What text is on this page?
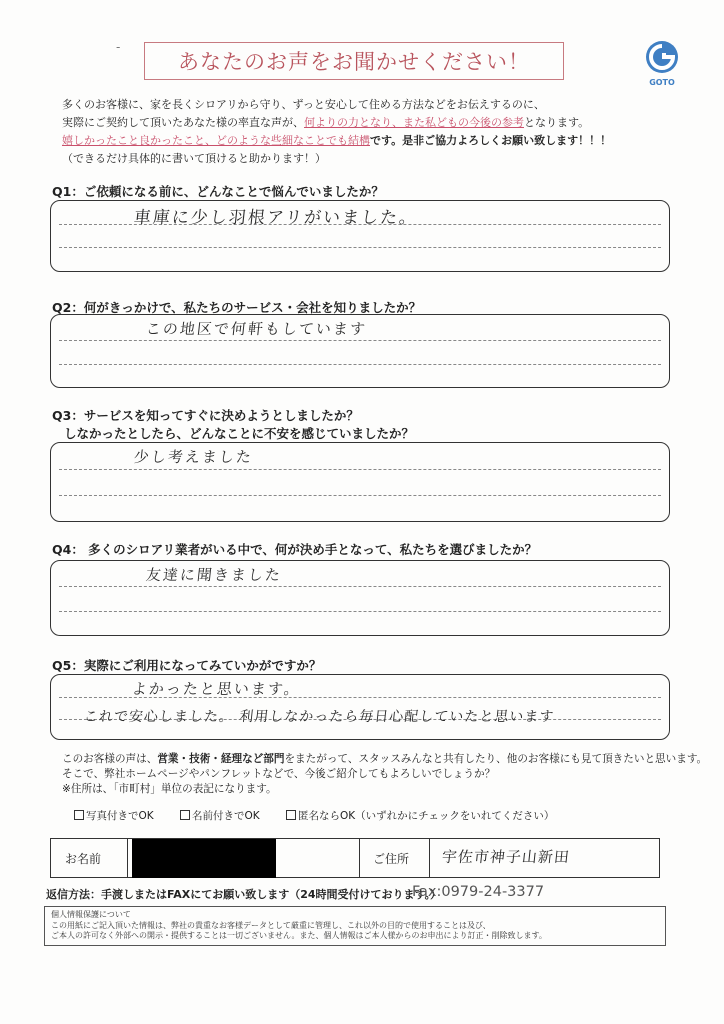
-
あなたのお声をお聞かせください！
GOTO
多くのお客様に、家を長くシロアリから守り、ずっと安心して住める方法などをお伝えするのに、
実際にご契約して頂いたあなた様の率直な声が、何よりの力となり、また私どもの今後の参考となります。
嬉しかったこと良かったこと、どのような些細なことでも結構です。是非ご協力よろしくお願い致します！！！
（できるだけ具体的に書いて頂けると助かります！）
Q1：ご依頼になる前に、どんなことで悩んでいましたか？
車庫に少し羽根アリがいました。
Q2：何がきっかけで、私たちのサービス・会社を知りましたか？
この地区で何軒もしています
Q3：サービスを知ってすぐに決めようとしましたか？
しなかったとしたら、どんなことに不安を感じていましたか？
少し考えました
Q4： 多くのシロアリ業者がいる中で、何が決め手となって、私たちを選びましたか？
友達に聞きました
Q5：実際にご利用になってみていかがですか？
よかったと思います。
これで安心しました。 利用しなかったら毎日心配していたと思います
このお客様の声は、営業・技術・経理など部門をまたがって、スタッスみんなと共有したり、他のお客様にも見て頂きたいと思います。
そこで、弊社ホームページやパンフレットなどで、今後ご紹介してもよろしいでしょうか？
※住所は、「市町村」単位の表記になります。
写真付きでOK	名前付きでOK	匿名ならOK（いずれかにチェックをいれてください）
お名前	ご住所 宇佐市神子山新田
返信方法：手渡しまたはFAXにてお願い致します（24時間受付けております。）
Fax:0979-24-3377
個人情報保護について
この用紙にご記入頂いた情報は、弊社の貴重なお客様データとして厳重に管理し、これ以外の目的で使用することは及び、
ご本人の許可なく外部への開示・提供することは一切ございません。また、個人情報はご本人様からのお申出により訂正・削除致します。
